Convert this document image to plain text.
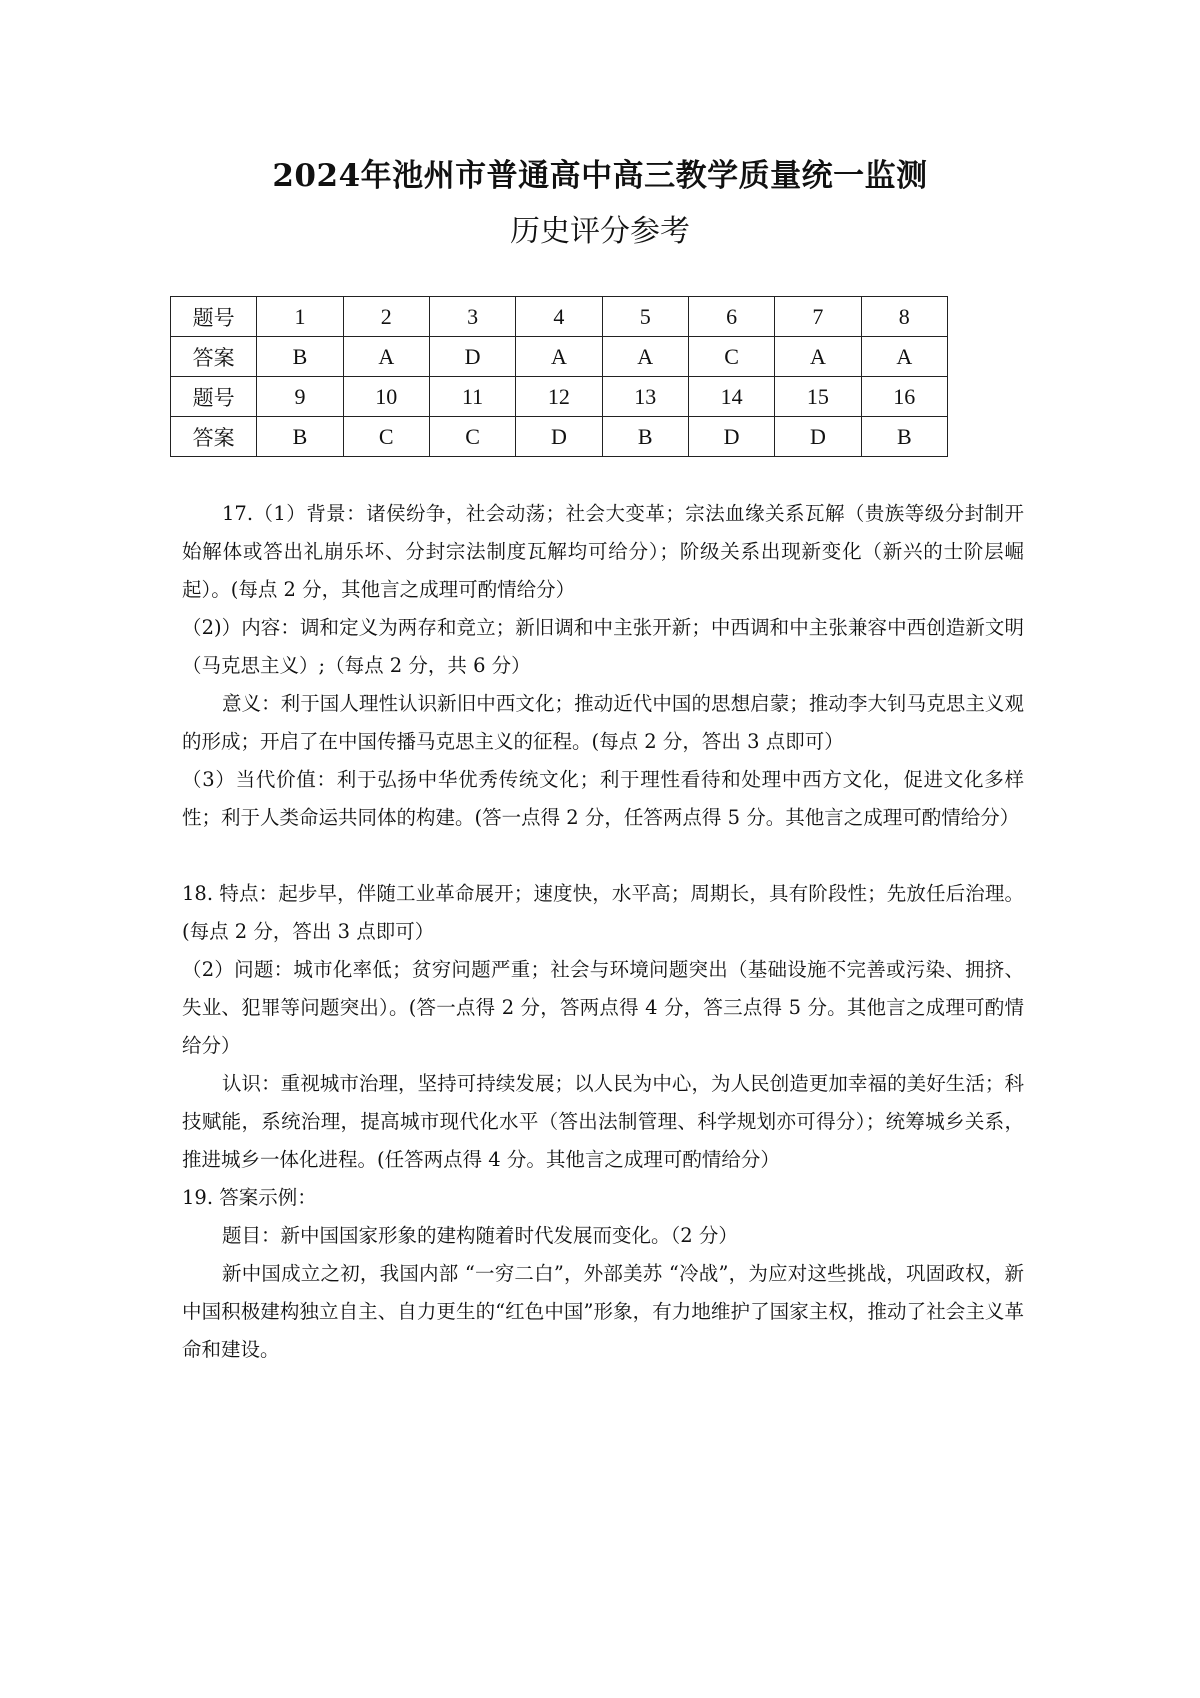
2024年池州市普通高中高三教学质量统一监测
历史评分参考
题号	1	2	3	4	5	6	7	8
答案	B	A	D	A	A	C	A	A
题号	9	10	11	12	13	14	15	16
答案	B	C	C	D	B	D	D	B

17.（1）背景：诸侯纷争，社会动荡；社会大变革；宗法血缘关系瓦解（贵族等级分封制开始解体或答出礼崩乐坏、分封宗法制度瓦解均可给分）；阶级关系出现新变化（新兴的士阶层崛起）。(每点 2 分，其他言之成理可酌情给分）

（2)）内容：调和定义为两存和竞立；新旧调和中主张开新；中西调和中主张兼容中西创造新文明（马克思主义）;（每点 2 分，共 6 分）

意义：利于国人理性认识新旧中西文化；推动近代中国的思想启蒙；推动李大钊马克思主义观的形成；开启了在中国传播马克思主义的征程。(每点 2 分，答出 3 点即可）

（3）当代价值：利于弘扬中华优秀传统文化；利于理性看待和处理中西方文化，促进文化多样性；利于人类命运共同体的构建。(答一点得 2 分，任答两点得 5 分。其他言之成理可酌情给分）

18. 特点：起步早，伴随工业革命展开；速度快，水平高；周期长，具有阶段性；先放任后治理。(每点 2 分，答出 3 点即可）

（2）问题：城市化率低；贫穷问题严重；社会与环境问题突出（基础设施不完善或污染、拥挤、失业、犯罪等问题突出）。(答一点得 2 分，答两点得 4 分，答三点得 5 分。其他言之成理可酌情给分）

认识：重视城市治理，坚持可持续发展；以人民为中心，为人民创造更加幸福的美好生活；科技赋能，系统治理，提高城市现代化水平（答出法制管理、科学规划亦可得分）；统筹城乡关系，推进城乡一体化进程。(任答两点得 4 分。其他言之成理可酌情给分）

19. 答案示例：

题目：新中国国家形象的建构随着时代发展而变化。（2 分）

新中国成立之初，我国内部 “一穷二白”，外部美苏 “冷战”，为应对这些挑战，巩固政权，新中国积极建构独立自主、自力更生的“红色中国”形象，有力地维护了国家主权，推动了社会主义革命和建设。
